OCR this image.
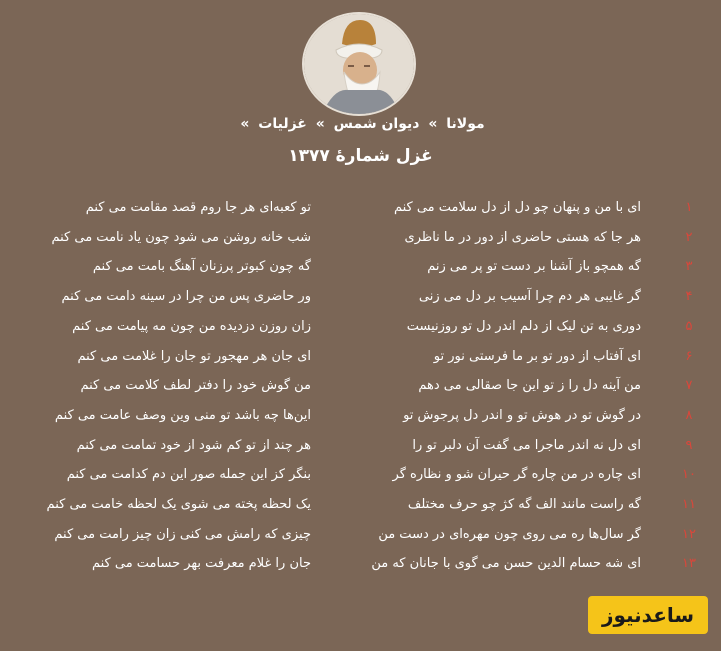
مولانا » دیوان شمس » غزلیات »
غزل شمارهٔ ۱۳۷۷
۱
ای با من و پنهان چو دل از دل سلامت می کنم
تو کعبه‌ای هر جا روم قصد مقامت می کنم
۲
هر جا که هستی حاضری از دور در ما ناظری
شب خانه روشن می شود چون یاد نامت می کنم
۳
گه همچو باز آشنا بر دست تو پر می زنم
گه چون کبوتر پرزنان آهنگ بامت می کنم
۴
گر غایبی هر دم چرا آسیب بر دل می زنی
ور حاضری پس من چرا در سینه دامت می کنم
۵
دوری به تن لیک از دلم اندر دل تو روزنیست
زان روزن دزدیده من چون مه پیامت می کنم
۶
ای آفتاب از دور تو بر ما فرستی نور تو
ای جان هر مهجور تو جان را غلامت می کنم
۷
من آینه دل را ز تو این جا صقالی می دهم
من گوش خود را دفتر لطف کلامت می کنم
۸
در گوش تو در هوش تو و اندر دل پرجوش تو
این‌ها چه باشد تو منی وین وصف عامت می کنم
۹
ای دل نه اندر ماجرا می گفت آن دلبر تو را
هر چند از تو کم شود از خود تمامت می کنم
۱۰
ای چاره در من چاره گر حیران شو و نظاره گر
بنگر کز این جمله صور این دم کدامت می کنم
۱۱
گه راست مانند الف گه کژ چو حرف مختلف
یک لحظه پخته می شوی یک لحظه خامت می کنم
۱۲
گر سال‌ها ره می روی چون مهره‌ای در دست من
چیزی که رامش می کنی زان چیز رامت می کنم
۱۳
ای شه حسام الدین حسن می گوی با جانان که من
جان را غلام معرفت بهر حسامت می کنم
ساعدنیوز
